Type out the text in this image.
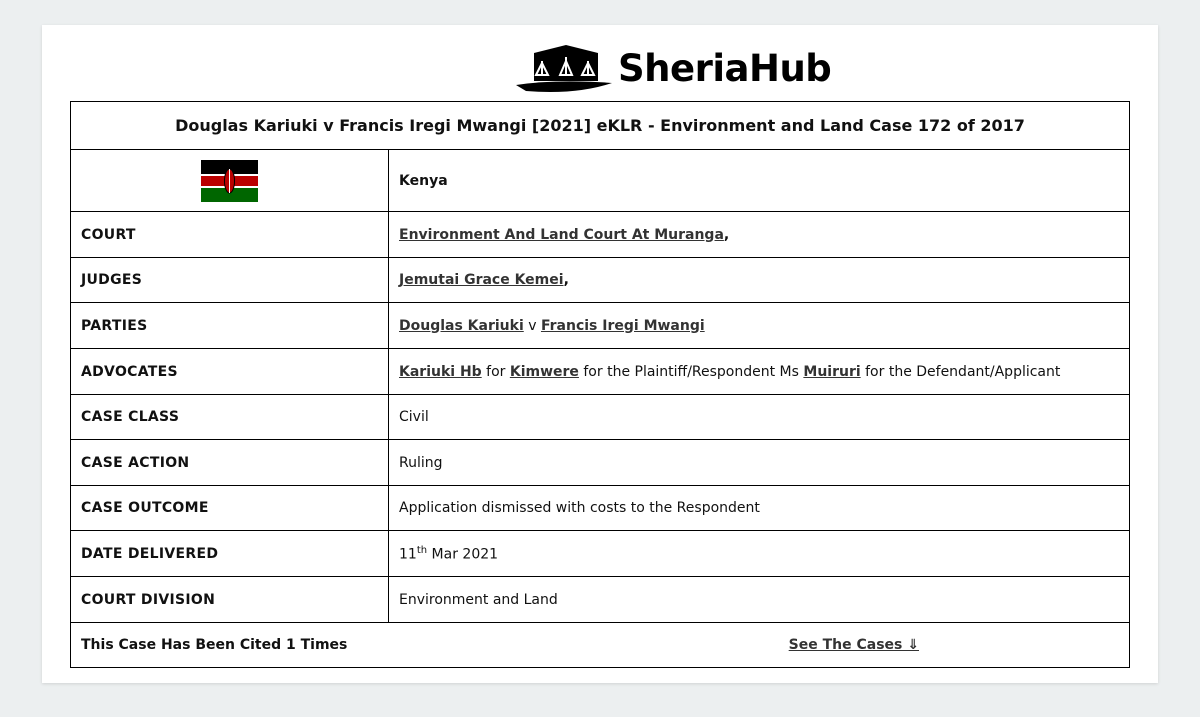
SheriaHub
Douglas Kariuki v Francis Iregi Mwangi [2021] eKLR - Environment and Land Case 172 of 2017	

	Kenya
COURT	Environment And Land Court At Muranga,
JUDGES	Jemutai Grace Kemei,
PARTIES	Douglas Kariuki v Francis Iregi Mwangi
ADVOCATES	Kariuki Hb for Kimwere for the Plaintiff/Respondent Ms Muiruri for the Defendant/Applicant
CASE CLASS	Civil
CASE ACTION	Ruling
CASE OUTCOME	Application dismissed with costs to the Respondent
DATE DELIVERED	11th Mar 2021
COURT DIVISION	Environment and Land

This Case Has Been Cited 1 Times See The Cases ⇓	
